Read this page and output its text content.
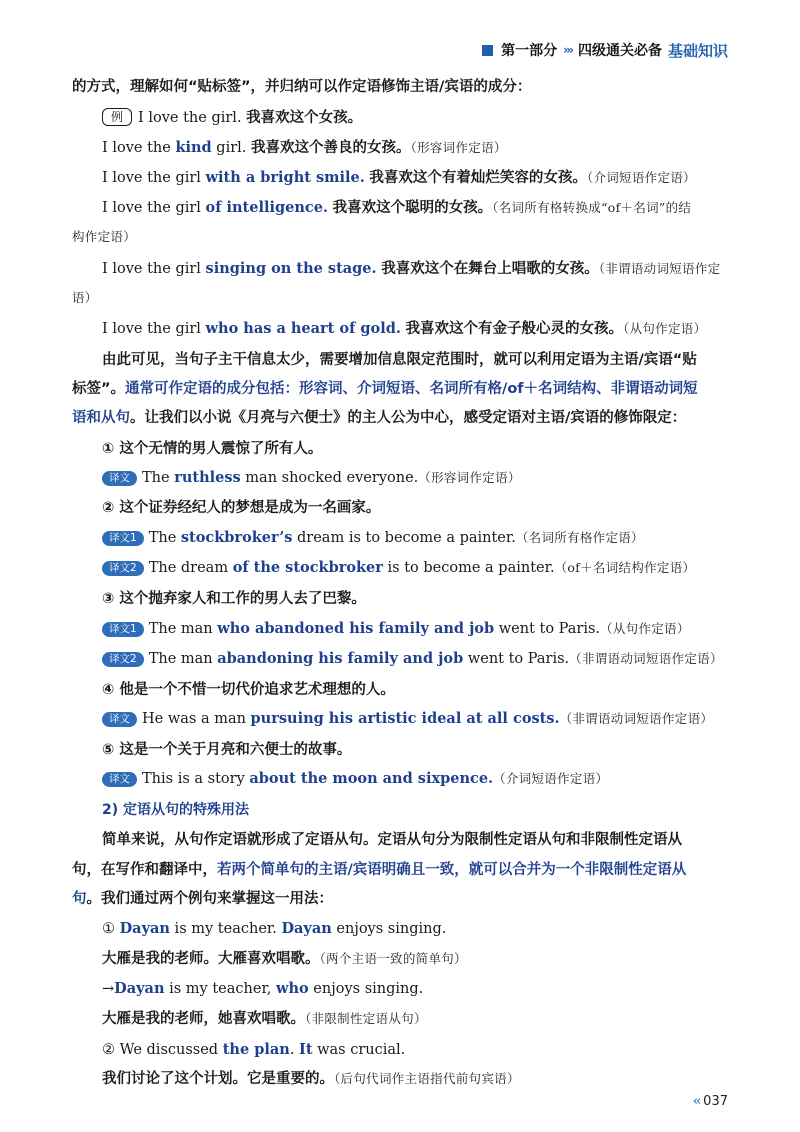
第一部分 ››› 四级通关必备 基础知识
的方式，理解如何“贴标签”，并归纳可以作定语修饰主语/宾语的成分：
例 I love the girl. 我喜欢这个女孩。
I love the kind girl. 我喜欢这个善良的女孩。（形容词作定语）
I love the girl with a bright smile. 我喜欢这个有着灿烂笑容的女孩。（介词短语作定语）
I love the girl of intelligence. 我喜欢这个聪明的女孩。（名词所有格转换成“of＋名词”的结
构作定语）
I love the girl singing on the stage. 我喜欢这个在舞台上唱歌的女孩。（非谓语动词短语作定
语）
I love the girl who has a heart of gold. 我喜欢这个有金子般心灵的女孩。（从句作定语）
由此可见，当句子主干信息太少，需要增加信息限定范围时，就可以利用定语为主语/宾语“贴
标签”。通常可作定语的成分包括：形容词、介词短语、名词所有格/of＋名词结构、非谓语动词短
语和从句。让我们以小说《月亮与六便士》的主人公为中心，感受定语对主语/宾语的修饰限定：
① 这个无情的男人震惊了所有人。
译文 The ruthless man shocked everyone.（形容词作定语）
② 这个证券经纪人的梦想是成为一名画家。
译文1 The stockbroker’s dream is to become a painter.（名词所有格作定语）
译文2 The dream of the stockbroker is to become a painter.（of＋名词结构作定语）
③ 这个抛弃家人和工作的男人去了巴黎。
译文1 The man who abandoned his family and job went to Paris.（从句作定语）
译文2 The man abandoning his family and job went to Paris.（非谓语动词短语作定语）
④ 他是一个不惜一切代价追求艺术理想的人。
译文 He was a man pursuing his artistic ideal at all costs.（非谓语动词短语作定语）
⑤ 这是一个关于月亮和六便士的故事。
译文 This is a story about the moon and sixpence.（介词短语作定语）
2) 定语从句的特殊用法
简单来说，从句作定语就形成了定语从句。定语从句分为限制性定语从句和非限制性定语从
句，在写作和翻译中，若两个简单句的主语/宾语明确且一致，就可以合并为一个非限制性定语从
句。我们通过两个例句来掌握这一用法：
① Dayan is my teacher. Dayan enjoys singing.
大雁是我的老师。大雁喜欢唱歌。（两个主语一致的简单句）
→Dayan is my teacher, who enjoys singing.
大雁是我的老师，她喜欢唱歌。（非限制性定语从句）
② We discussed the plan. It was crucial.
我们讨论了这个计划。它是重要的。（后句代词作主语指代前句宾语）
‹‹ 037
